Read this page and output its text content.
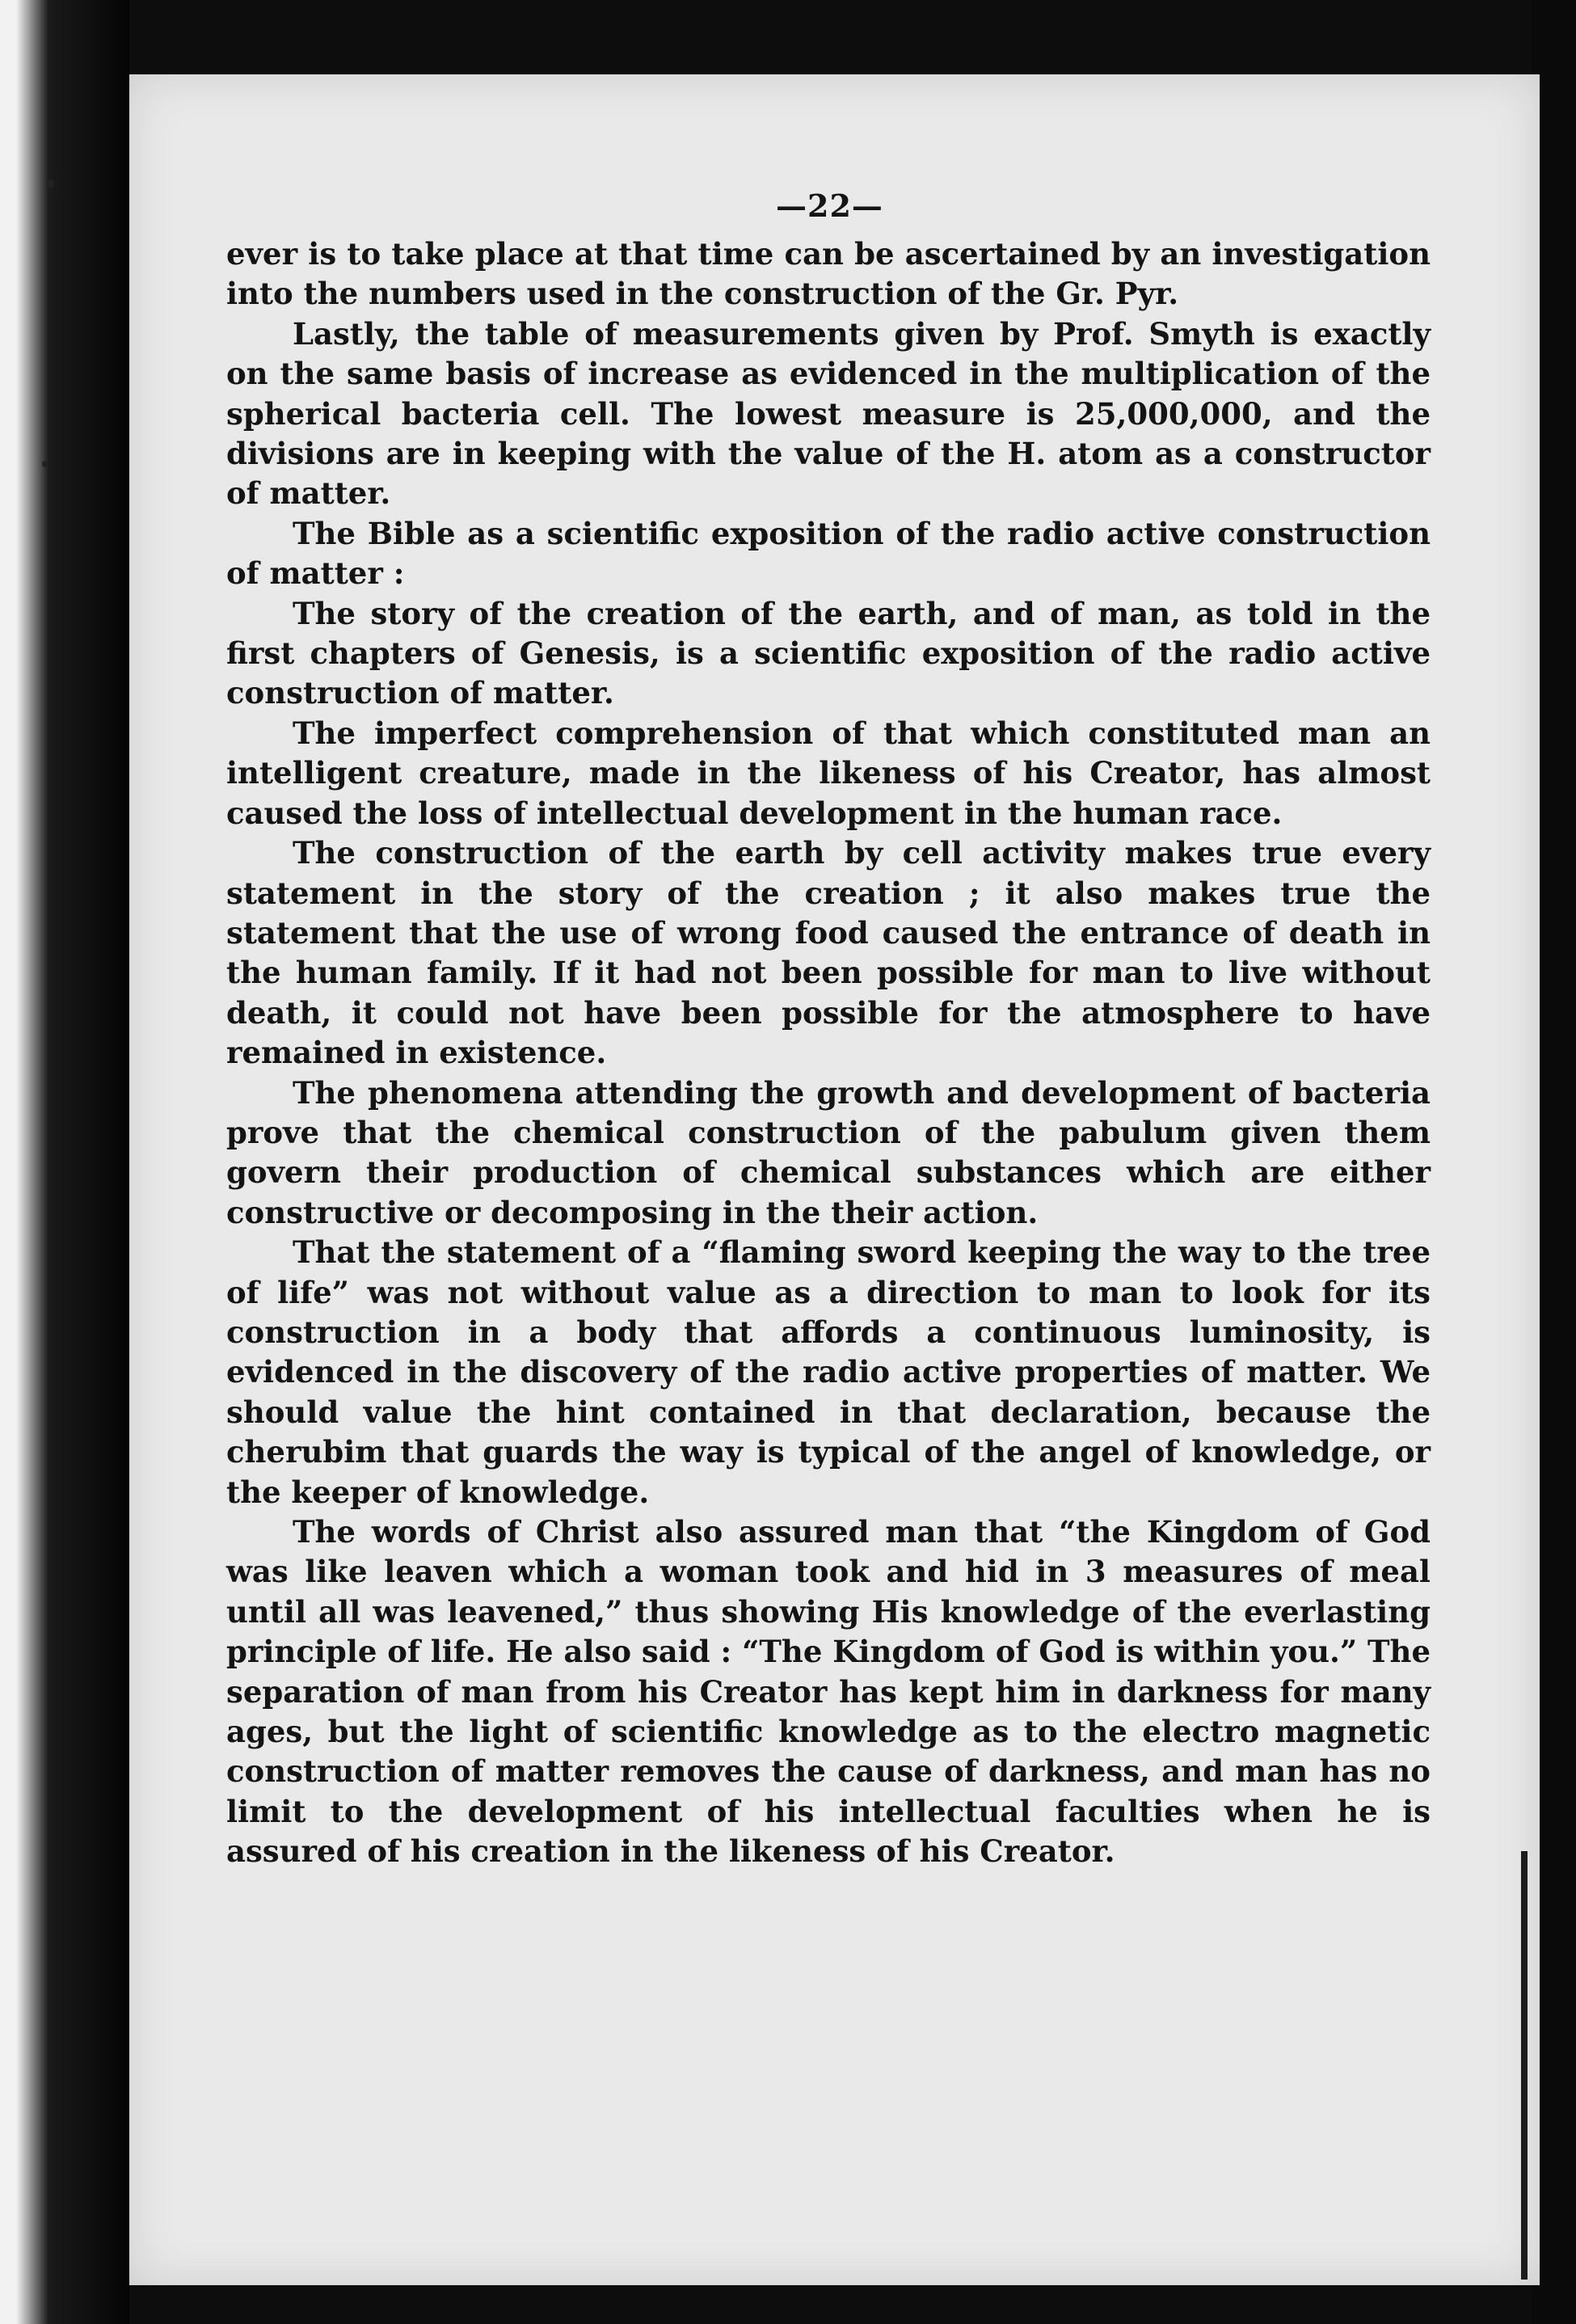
—22—

ever is to take place at that time can be ascertained by an investigation into the numbers used in the construction of the Gr. Pyr.

Lastly, the table of measurements given by Prof. Smyth is exactly on the same basis of increase as evidenced in the multiplication of the spherical bacteria cell. The lowest measure is 25,000,000, and the divisions are in keeping with the value of the H. atom as a constructor of matter.

The Bible as a scientific exposition of the radio active construction of matter :

The story of the creation of the earth, and of man, as told in the first chapters of Genesis, is a scientific exposition of the radio active construction of matter.

The imperfect comprehension of that which constituted man an intelligent creature, made in the likeness of his Creator, has almost caused the loss of intellectual development in the human race.

The construction of the earth by cell activity makes true every statement in the story of the creation ; it also makes true the statement that the use of wrong food caused the entrance of death in the human family. If it had not been possible for man to live without death, it could not have been possible for the atmosphere to have remained in existence.

The phenomena attending the growth and development of bacteria prove that the chemical construction of the pabulum given them govern their production of chemical substances which are either constructive or decomposing in the their action.

That the statement of a “flaming sword keeping the way to the tree of life” was not without value as a direction to man to look for its construction in a body that affords a continuous luminosity, is evidenced in the discovery of the radio active properties of matter. We should value the hint contained in that declaration, because the cherubim that guards the way is typical of the angel of knowledge, or the keeper of knowledge.

The words of Christ also assured man that “the Kingdom of God was like leaven which a woman took and hid in 3 measures of meal until all was leavened,” thus showing His knowledge of the everlasting principle of life. He also said : “The Kingdom of God is within you.” The separation of man from his Creator has kept him in darkness for many ages, but the light of scientific knowledge as to the electro magnetic construction of matter removes the cause of darkness, and man has no limit to the development of his intellectual faculties when he is assured of his creation in the likeness of his Creator.
